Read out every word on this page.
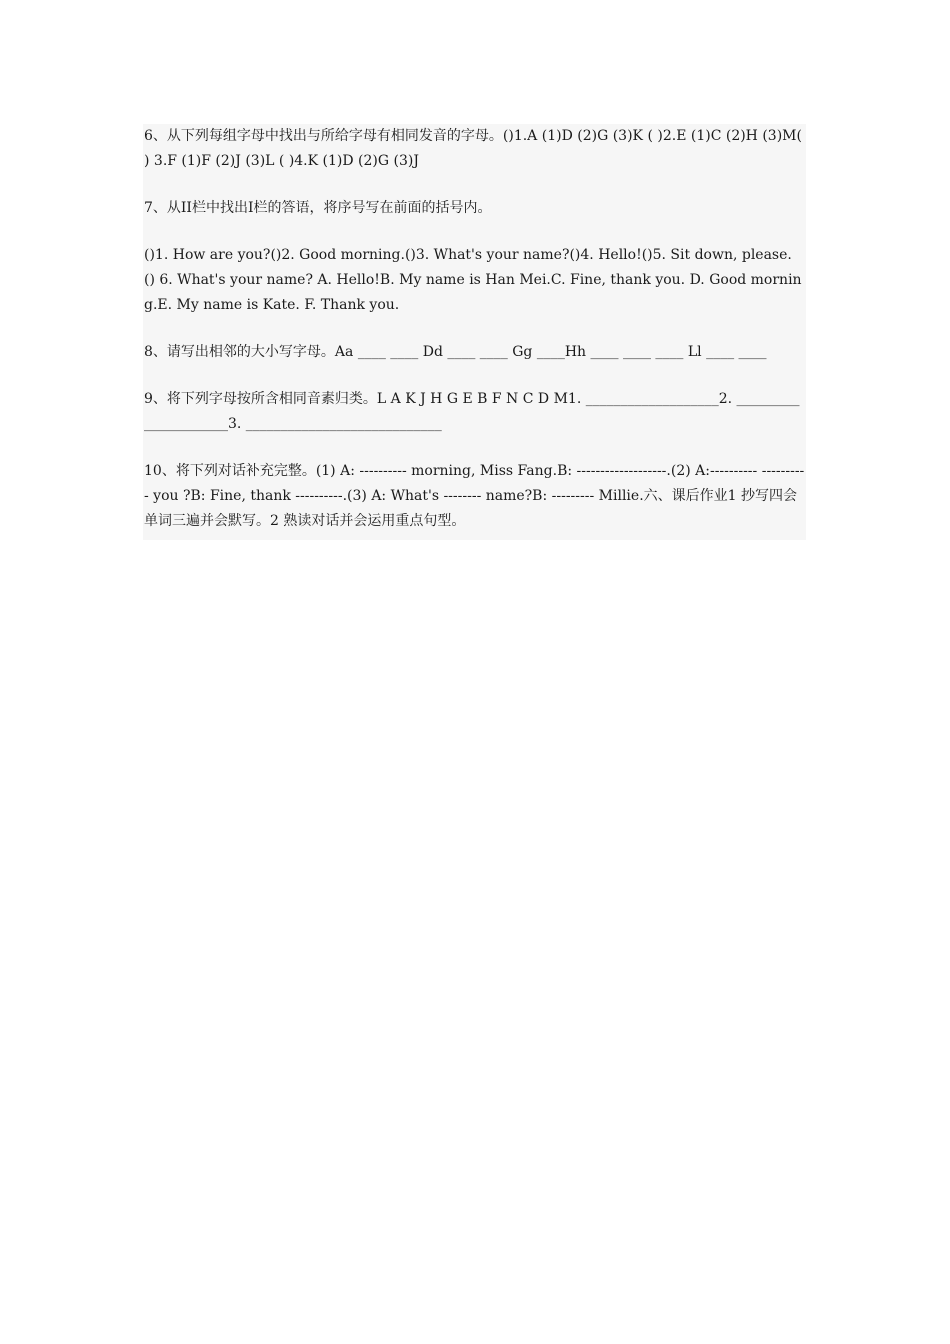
6、从下列每组字母中找出与所给字母有相同发音的字母。()1.A (1)D (2)G (3)K ( )2.E (1)C (2)H (3)M( ) 3.F (1)F (2)J (3)L ( )4.K (1)D (2)G (3)J

7、从II栏中找出I栏的答语，将序号写在前面的括号内。

()1. How are you?()2. Good morning.()3. What's your name?()4. Hello!()5. Sit down, please. () 6. What's your name? A. Hello!B. My name is Han Mei.C. Fine, thank you. D. Good morning.E. My name is Kate. F. Thank you.

8、请写出相邻的大小写字母。Aa ____ ____ Dd ____ ____ Gg ____Hh ____ ____ ____ Ll ____ ____

9、将下列字母按所含相同音素归类。L A K J H G E B F N C D M1. ___________________2. _____________________3. ____________________________

10、将下列对话补充完整。(1) A: ---------- morning, Miss Fang.B: -------------------.(2) A:---------- ---------- you ?B: Fine, thank ----------.(3) A: What's -------- name?B: --------- Millie.六、课后作业1 抄写四会单词三遍并会默写。2 熟读对话并会运用重点句型。
